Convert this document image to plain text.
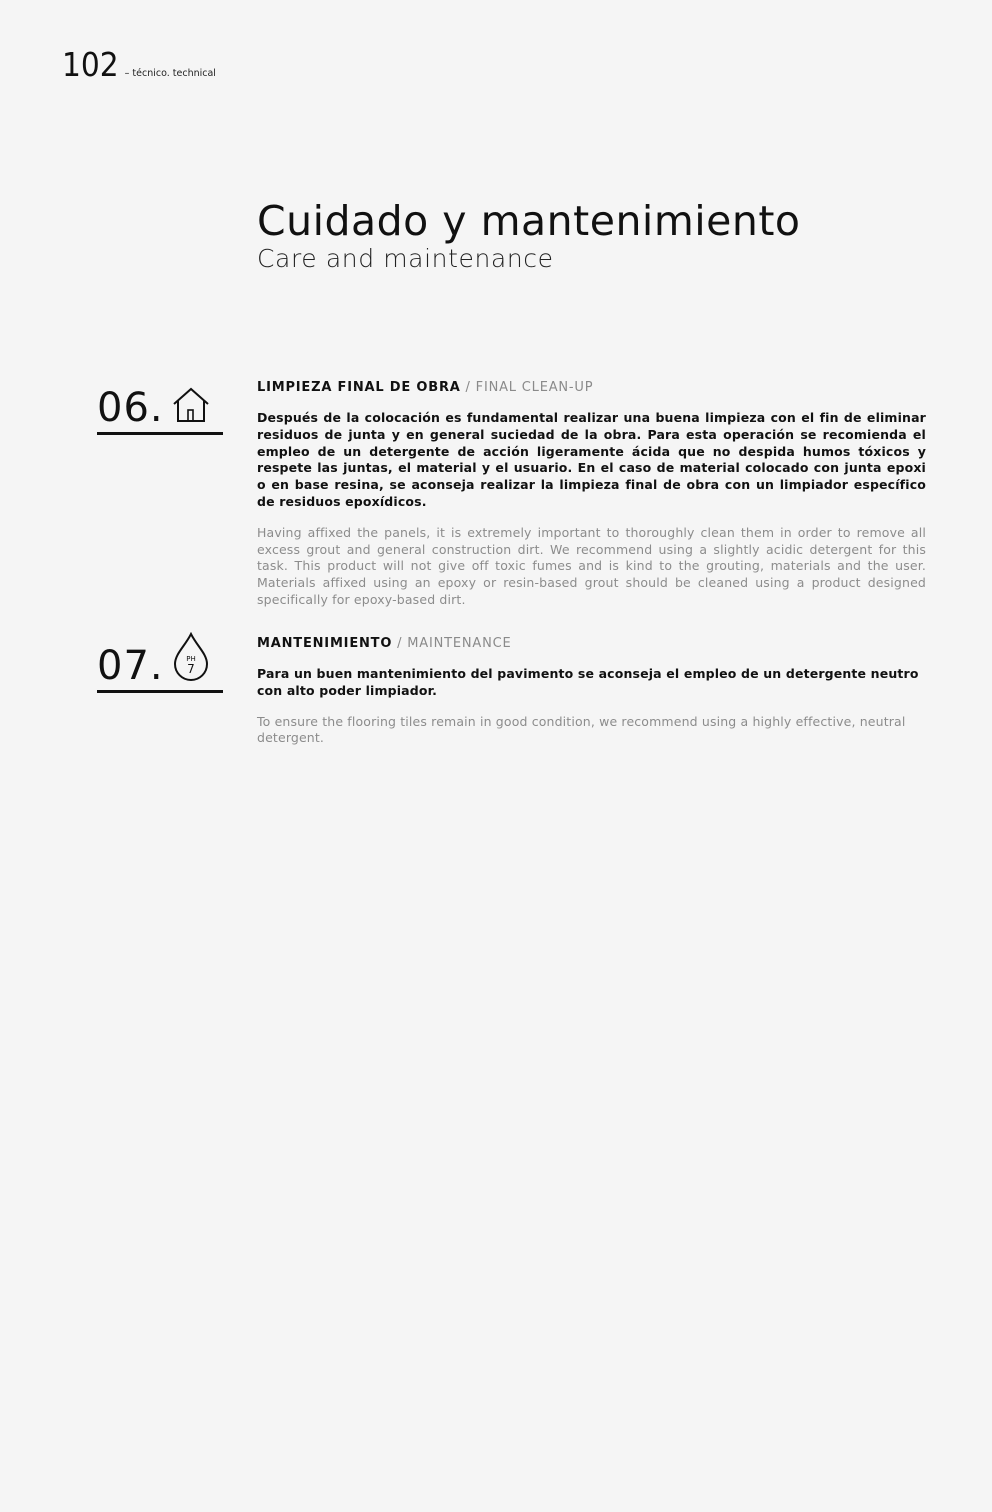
102 – técnico. technical
Cuidado y mantenimiento
Care and maintenance
06.	LIMPIEZA FINAL DE OBRA / FINAL CLEAN-UP

Después de la colocación es fundamental realizar una buena limpieza con el fin de eliminar residuos de junta y en general suciedad de la obra. Para esta operación se recomienda el empleo de un detergente de acción ligeramente ácida que no despida humos tóxicos y respete las juntas, el material y el usuario. En el caso de material colocado con junta epoxi o en base resina, se aconseja realizar la limpieza final de obra con un limpiador específico de residuos epoxídicos.

Having affixed the panels, it is extremely important to thoroughly clean them in order to remove all excess grout and general construction dirt. We recommend using a slightly acidic detergent for this task. This product will not give off toxic fumes and is kind to the grouting, materials and the user. Materials affixed using an epoxy or resin-based grout should be cleaned using a product designed specifically for epoxy-based dirt.

07.	PH
7
MANTENIMIENTO / MAINTENANCE

Para un buen mantenimiento del pavimento se aconseja el empleo de un detergente neutro con alto poder limpiador.

To ensure the flooring tiles remain in good condition, we recommend using a highly effective, neutral detergent.
